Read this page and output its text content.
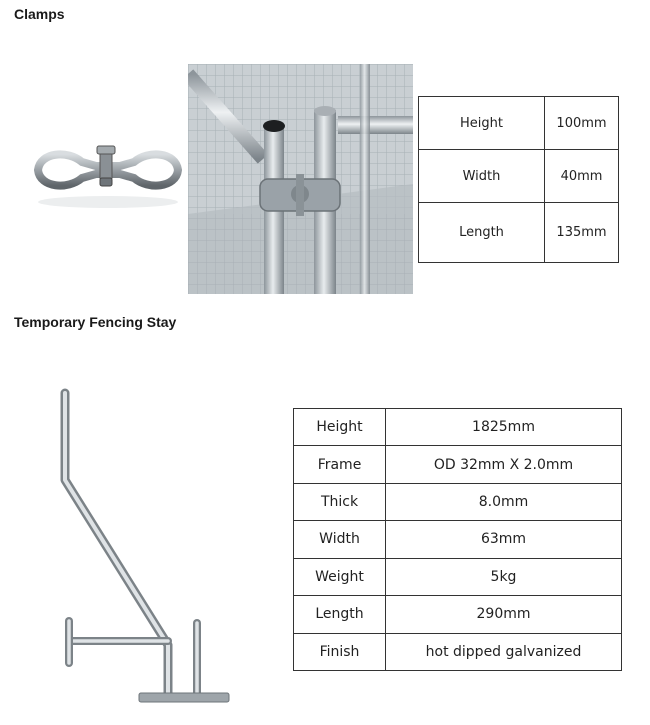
Clamps
Height	100mm
Width	40mm
Length	135mm
Temporary Fencing Stay
Height	1825mm
Frame	OD 32mm X 2.0mm
Thick	8.0mm
Width	63mm
Weight	5kg
Length	290mm
Finish	hot dipped galvanized
